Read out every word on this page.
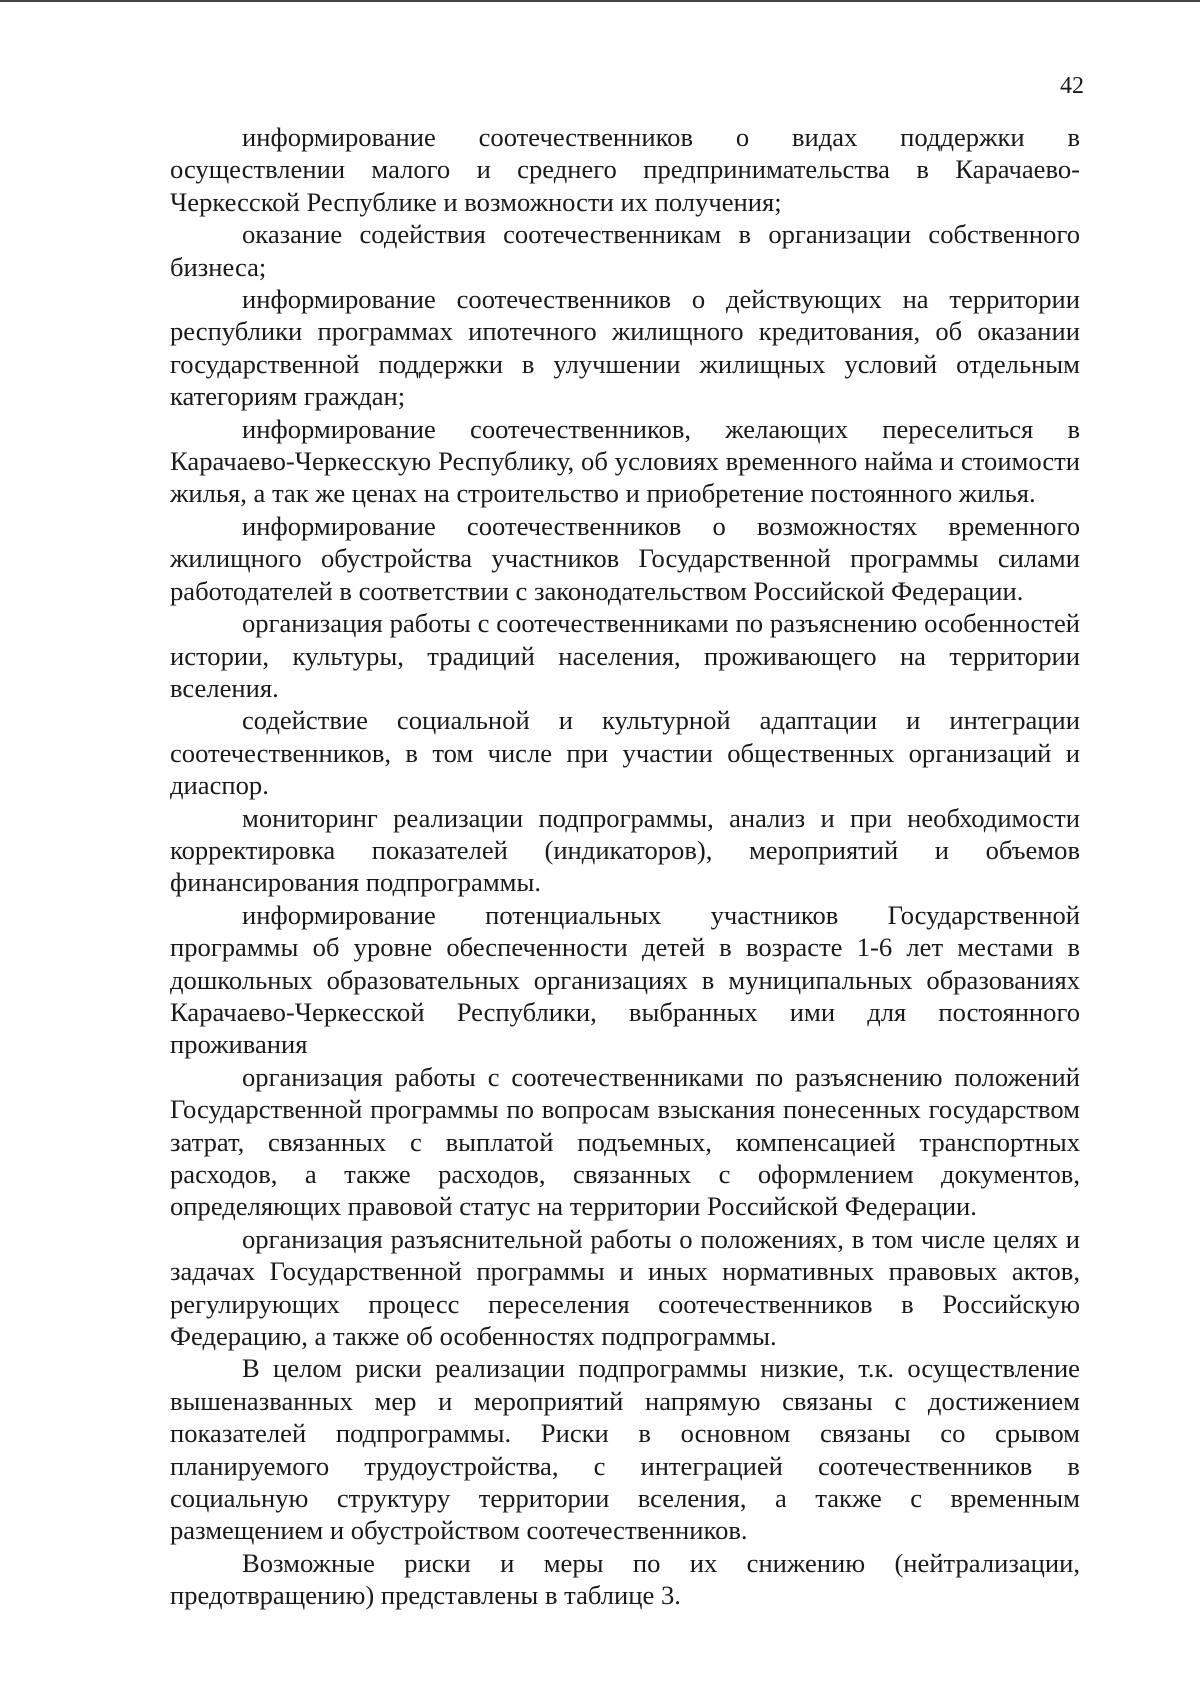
42

информирование соотечественников о видах поддержки в осуществлении малого и среднего предпринимательства в Карачаево-Черкесской Республике и возможности их получения;

оказание содействия соотечественникам в организации собственного бизнеса;

информирование соотечественников о действующих на территории республики программах ипотечного жилищного кредитования, об оказании государственной поддержки в улучшении жилищных условий отдельным категориям граждан;

информирование соотечественников, желающих переселиться в Карачаево-Черкесскую Республику, об условиях временного найма и стоимости жилья, а так же ценах на строительство и приобретение постоянного жилья.

информирование соотечественников о возможностях временного жилищного обустройства участников Государственной программы силами работодателей в соответствии с законодательством Российской Федерации.

организация работы с соотечественниками по разъяснению особенностей истории, культуры, традиций населения, проживающего на территории вселения.

содействие социальной и культурной адаптации и интеграции соотечественников, в том числе при участии общественных организаций и диаспор.

мониторинг реализации подпрограммы, анализ и при необходимости корректировка показателей (индикаторов), мероприятий и объемов финансирования подпрограммы.

информирование потенциальных участников Государственной программы об уровне обеспеченности детей в возрасте 1-6 лет местами в дошкольных образовательных организациях в муниципальных образованиях Карачаево-Черкесской Республики, выбранных ими для постоянного проживания

организация работы с соотечественниками по разъяснению положений Государственной программы по вопросам взыскания понесенных государством затрат, связанных с выплатой подъемных, компенсацией транспортных расходов, а также расходов, связанных с оформлением документов, определяющих правовой статус на территории Российской Федерации.

организация разъяснительной работы о положениях, в том числе целях и задачах Государственной программы и иных нормативных правовых актов, регулирующих процесс переселения соотечественников в Российскую Федерацию, а также об особенностях подпрограммы.

В целом риски реализации подпрограммы низкие, т.к. осуществление вышеназванных мер и мероприятий напрямую связаны с достижением показателей подпрограммы. Риски в основном связаны со срывом планируемого трудоустройства, с интеграцией соотечественников в социальную структуру территории вселения, а также с временным размещением и обустройством соотечественников.

Возможные риски и меры по их снижению (нейтрализации, предотвращению) представлены в таблице 3.
